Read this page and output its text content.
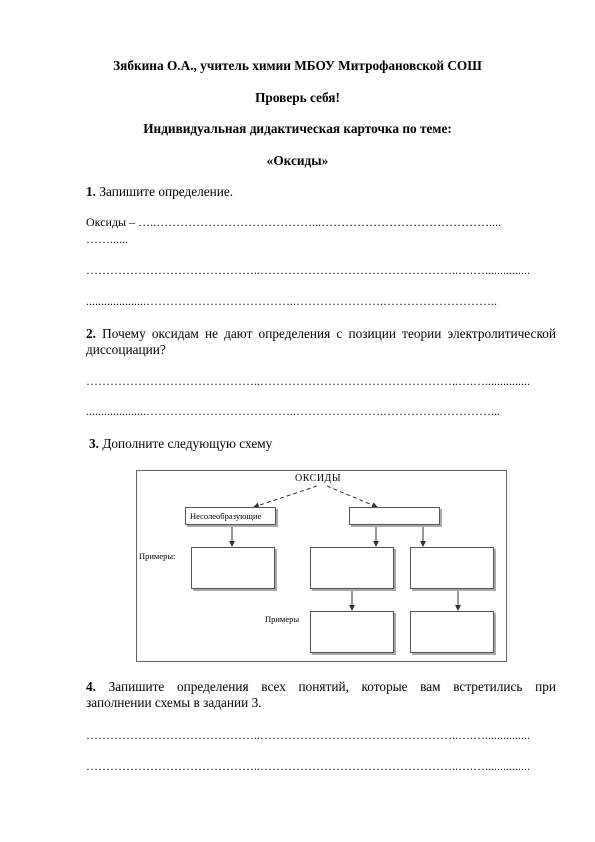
Зябкина О.А., учитель химии МБОУ Митрофановской СОШ
Проверь себя!
Индивидуальная дидактическая карточка по теме:
«Оксиды»
1. Запишите определение.
Оксиды – …..…………………………………...……………………………………....
……......
……………………………………..…………………………………………..….…...............
....................………………………………..………………….………………………..
2. Почему оксидам не дают определения с позиции теории электролитической
диссоциации?
……………………………………..…………………………………………..….…...............
....................………………………………..………………….………………………...
3. Дополните следующую схему
ОКСИДЫ
Несолеобразующие
Примеры:
Примеры
4. Запишите определения всех понятий, которые вам встретились при
заполнении схемы в задании 3.
……………………………………..…………………………………………..….…...............
……………………………………..…………………………………………..….…...............
